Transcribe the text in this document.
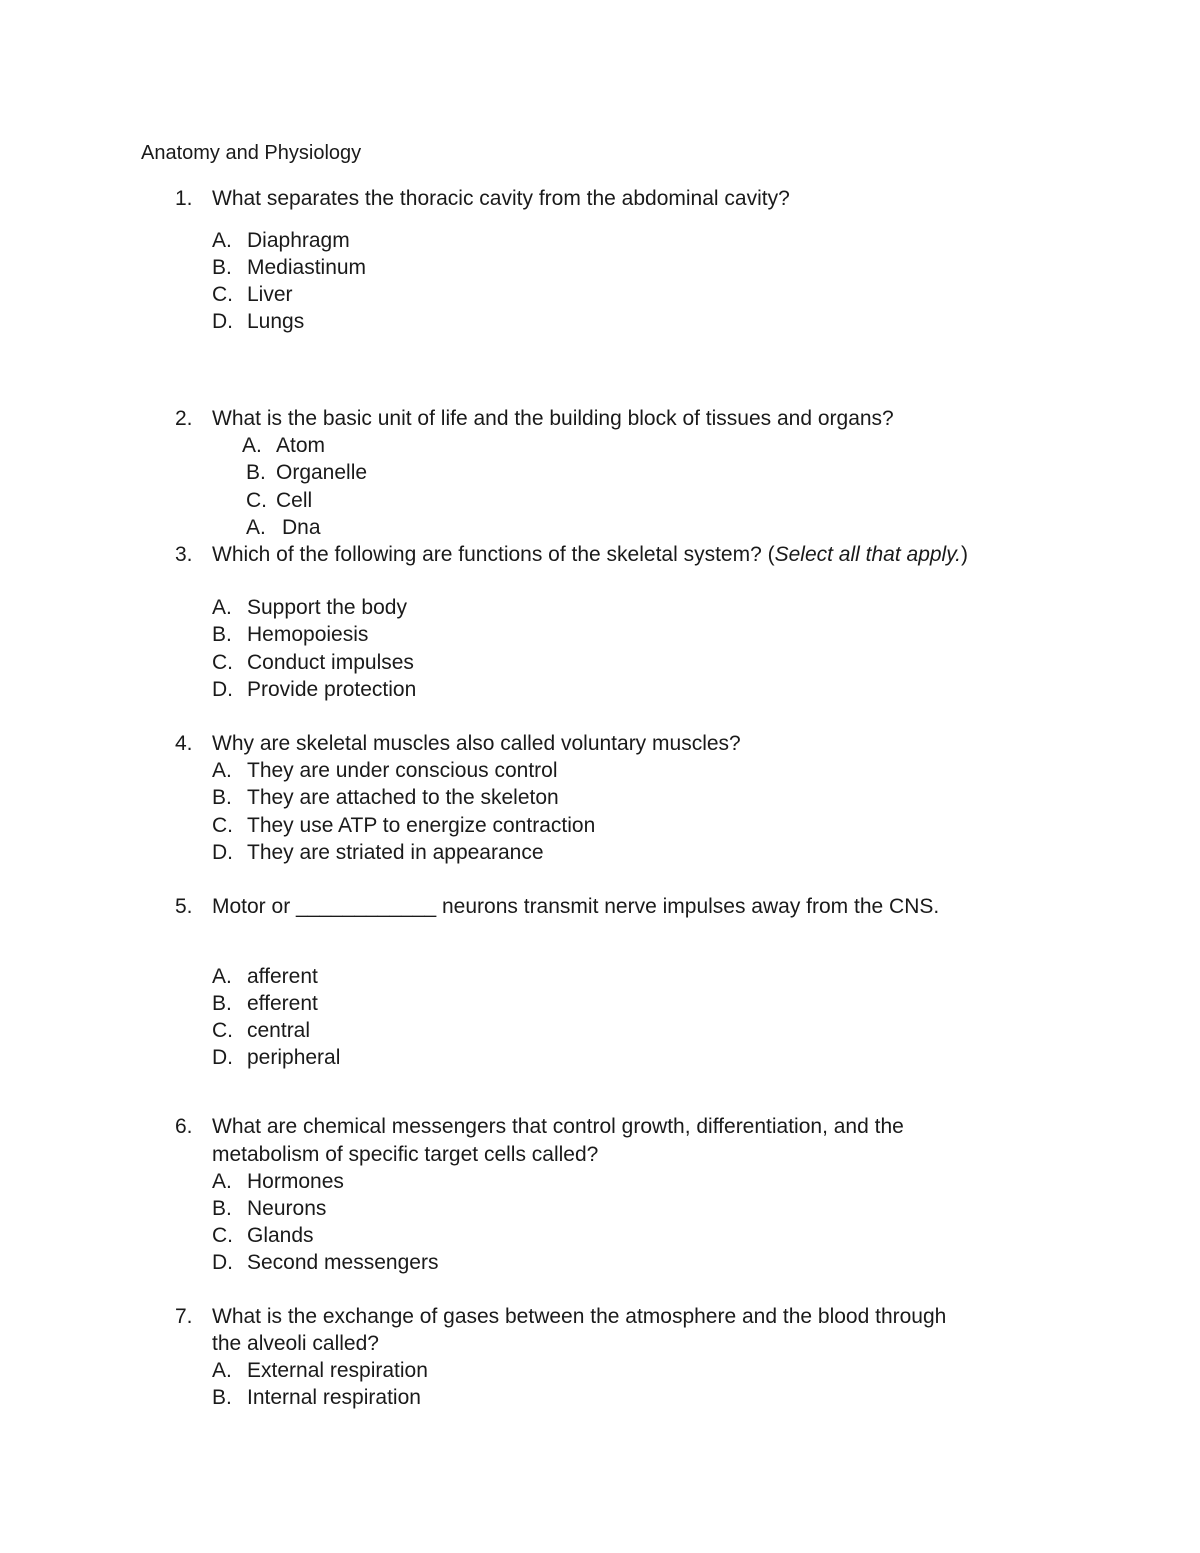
Anatomy and Physiology
1. What separates the thoracic cavity from the abdominal cavity?
A. Diaphragm
B. Mediastinum
C. Liver
D. Lungs
2. What is the basic unit of life and the building block of tissues and organs?
A. Atom
B. Organelle
C. Cell
A. Dna
3. Which of the following are functions of the skeletal system? (Select all that apply.)
A. Support the body
B. Hemopoiesis
C. Conduct impulses
D. Provide protection
4. Why are skeletal muscles also called voluntary muscles?
A. They are under conscious control
B. They are attached to the skeleton
C. They use ATP to energize contraction
D. They are striated in appearance
5. Motor or ____________ neurons transmit nerve impulses away from the CNS.
A. afferent
B. efferent
C. central
D. peripheral
6. What are chemical messengers that control growth, differentiation, and the
metabolism of specific target cells called?
A. Hormones
B. Neurons
C. Glands
D. Second messengers
7. What is the exchange of gases between the atmosphere and the blood through
the alveoli called?
A. External respiration
B. Internal respiration
